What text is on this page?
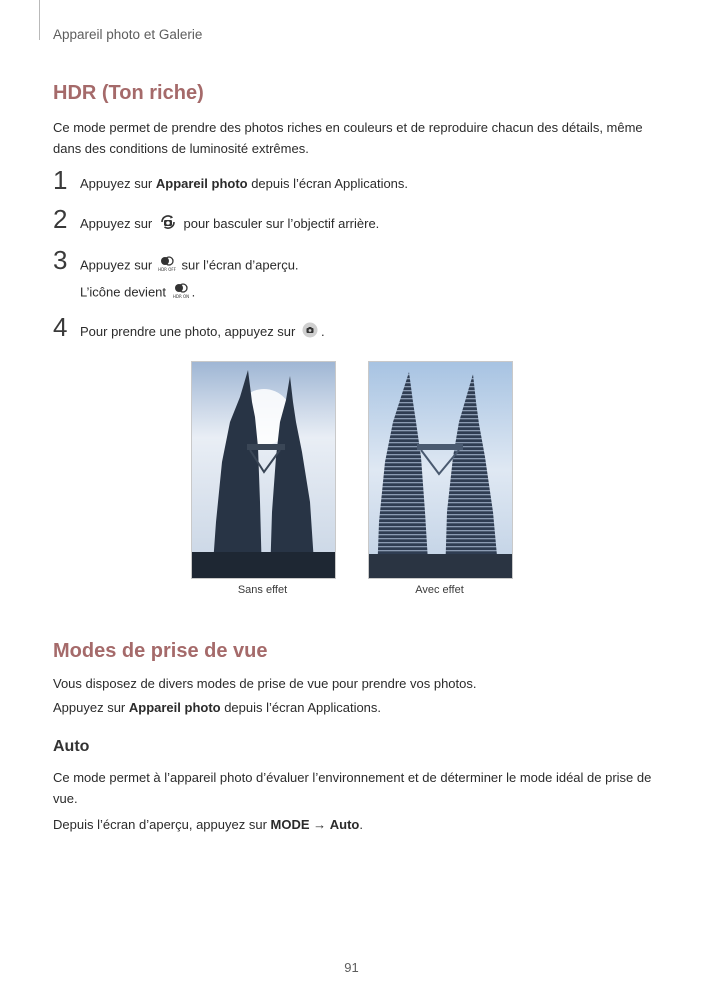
Appareil photo et Galerie
HDR (Ton riche)

Ce mode permet de prendre des photos riches en couleurs et de reproduire chacun des détails, même dans des conditions de luminosité extrêmes.

1 Appuyez sur Appareil photo depuis l’écran Applications.
2 Appuyez sur  pour basculer sur l’objectif arrière.
3 Appuyez sur HDR OFF sur l’écran d’aperçu.
L’icône devient HDR ON .
4 Pour prendre une photo, appuyez sur .
Sans effet	Avec effet
Modes de prise de vue

Vous disposez de divers modes de prise de vue pour prendre vos photos.

Appuyez sur Appareil photo depuis l’écran Applications.

Auto

Ce mode permet à l’appareil photo d’évaluer l’environnement et de déterminer le mode idéal de prise de vue.

Depuis l’écran d’aperçu, appuyez sur MODE → Auto.

91
